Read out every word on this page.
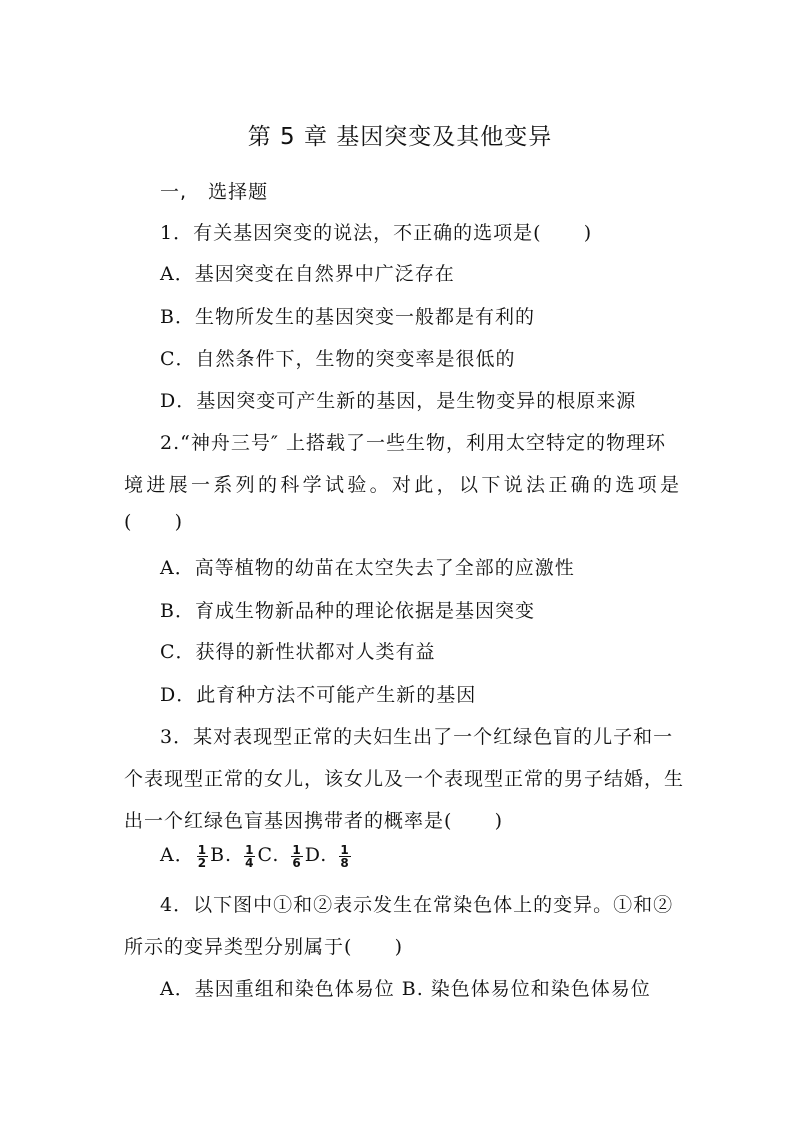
第 5 章 基因突变及其他变异
一,   选择题
1．有关基因突变的说法，不正确的选项是(      )
A．基因突变在自然界中广泛存在
B．生物所发生的基因突变一般都是有利的
C．自然条件下，生物的突变率是很低的
D．基因突变可产生新的基因，是生物变异的根原来源
2.“神舟三号″ 上搭载了一些生物，利用太空特定的物理环
境进展一系列的科学试验。对此，以下说法正确的选项是
(      )
A．高等植物的幼苗在太空失去了全部的应激性
B．育成生物新品种的理论依据是基因突变
C．获得的新性状都对人类有益
D．此育种方法不可能产生新的基因
3．某对表现型正常的夫妇生出了一个红绿色盲的儿子和一
个表现型正常的女儿，该女儿及一个表现型正常的男子结婚，生
出一个红绿色盲基因携带者的概率是(      )
A． $\frac{1}{2} B$. $\frac{1}{4} C$. $\frac{1}{6} D$. $\frac{1}{8}$
4．以下图中①和②表示发生在常染色体上的变异。①和②
所示的变异类型分别属于(      )
A．基因重组和染色体易位 B. 染色体易位和染色体易位
